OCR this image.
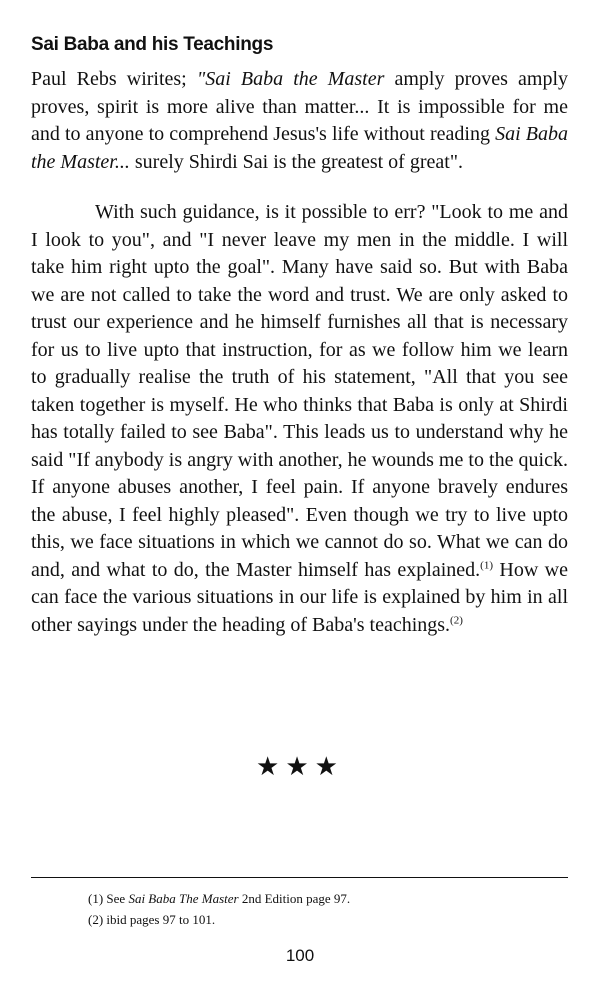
Sai Baba and his Teachings
Paul Rebs wirites; "Sai Baba the Master amply proves amply proves, spirit is more alive than matter... It is impossible for me and to anyone to comprehend Jesus's life without reading Sai Baba the Master... surely Shirdi Sai is the greatest of great".
With such guidance, is it possible to err? "Look to me and I look to you", and "I never leave my men in the middle. I will take him right upto the goal". Many have said so. But with Baba we are not called to take the word and trust. We are only asked to trust our experience and he himself furnishes all that is necessary for us to live upto that instruction, for as we follow him we learn to gradually realise the truth of his statement, "All that you see taken together is myself. He who thinks that Baba is only at Shirdi has totally failed to see Baba". This leads us to understand why he said "If anybody is angry with another, he wounds me to the quick. If anyone abuses another, I feel pain. If anyone bravely endures the abuse, I feel highly pleased". Even though we try to live upto this, we face situations in which we cannot do so. What we can do and, and what to do, the Master himself has explained.$^{(1)}$ How we can face the various situations in our life is explained by him in all other sayings under the heading of Baba's teachings.$^{(2)}$
★★★
(1) See Sai Baba The Master 2nd Edition page 97.
(2) ibid pages 97 to 101.
100
